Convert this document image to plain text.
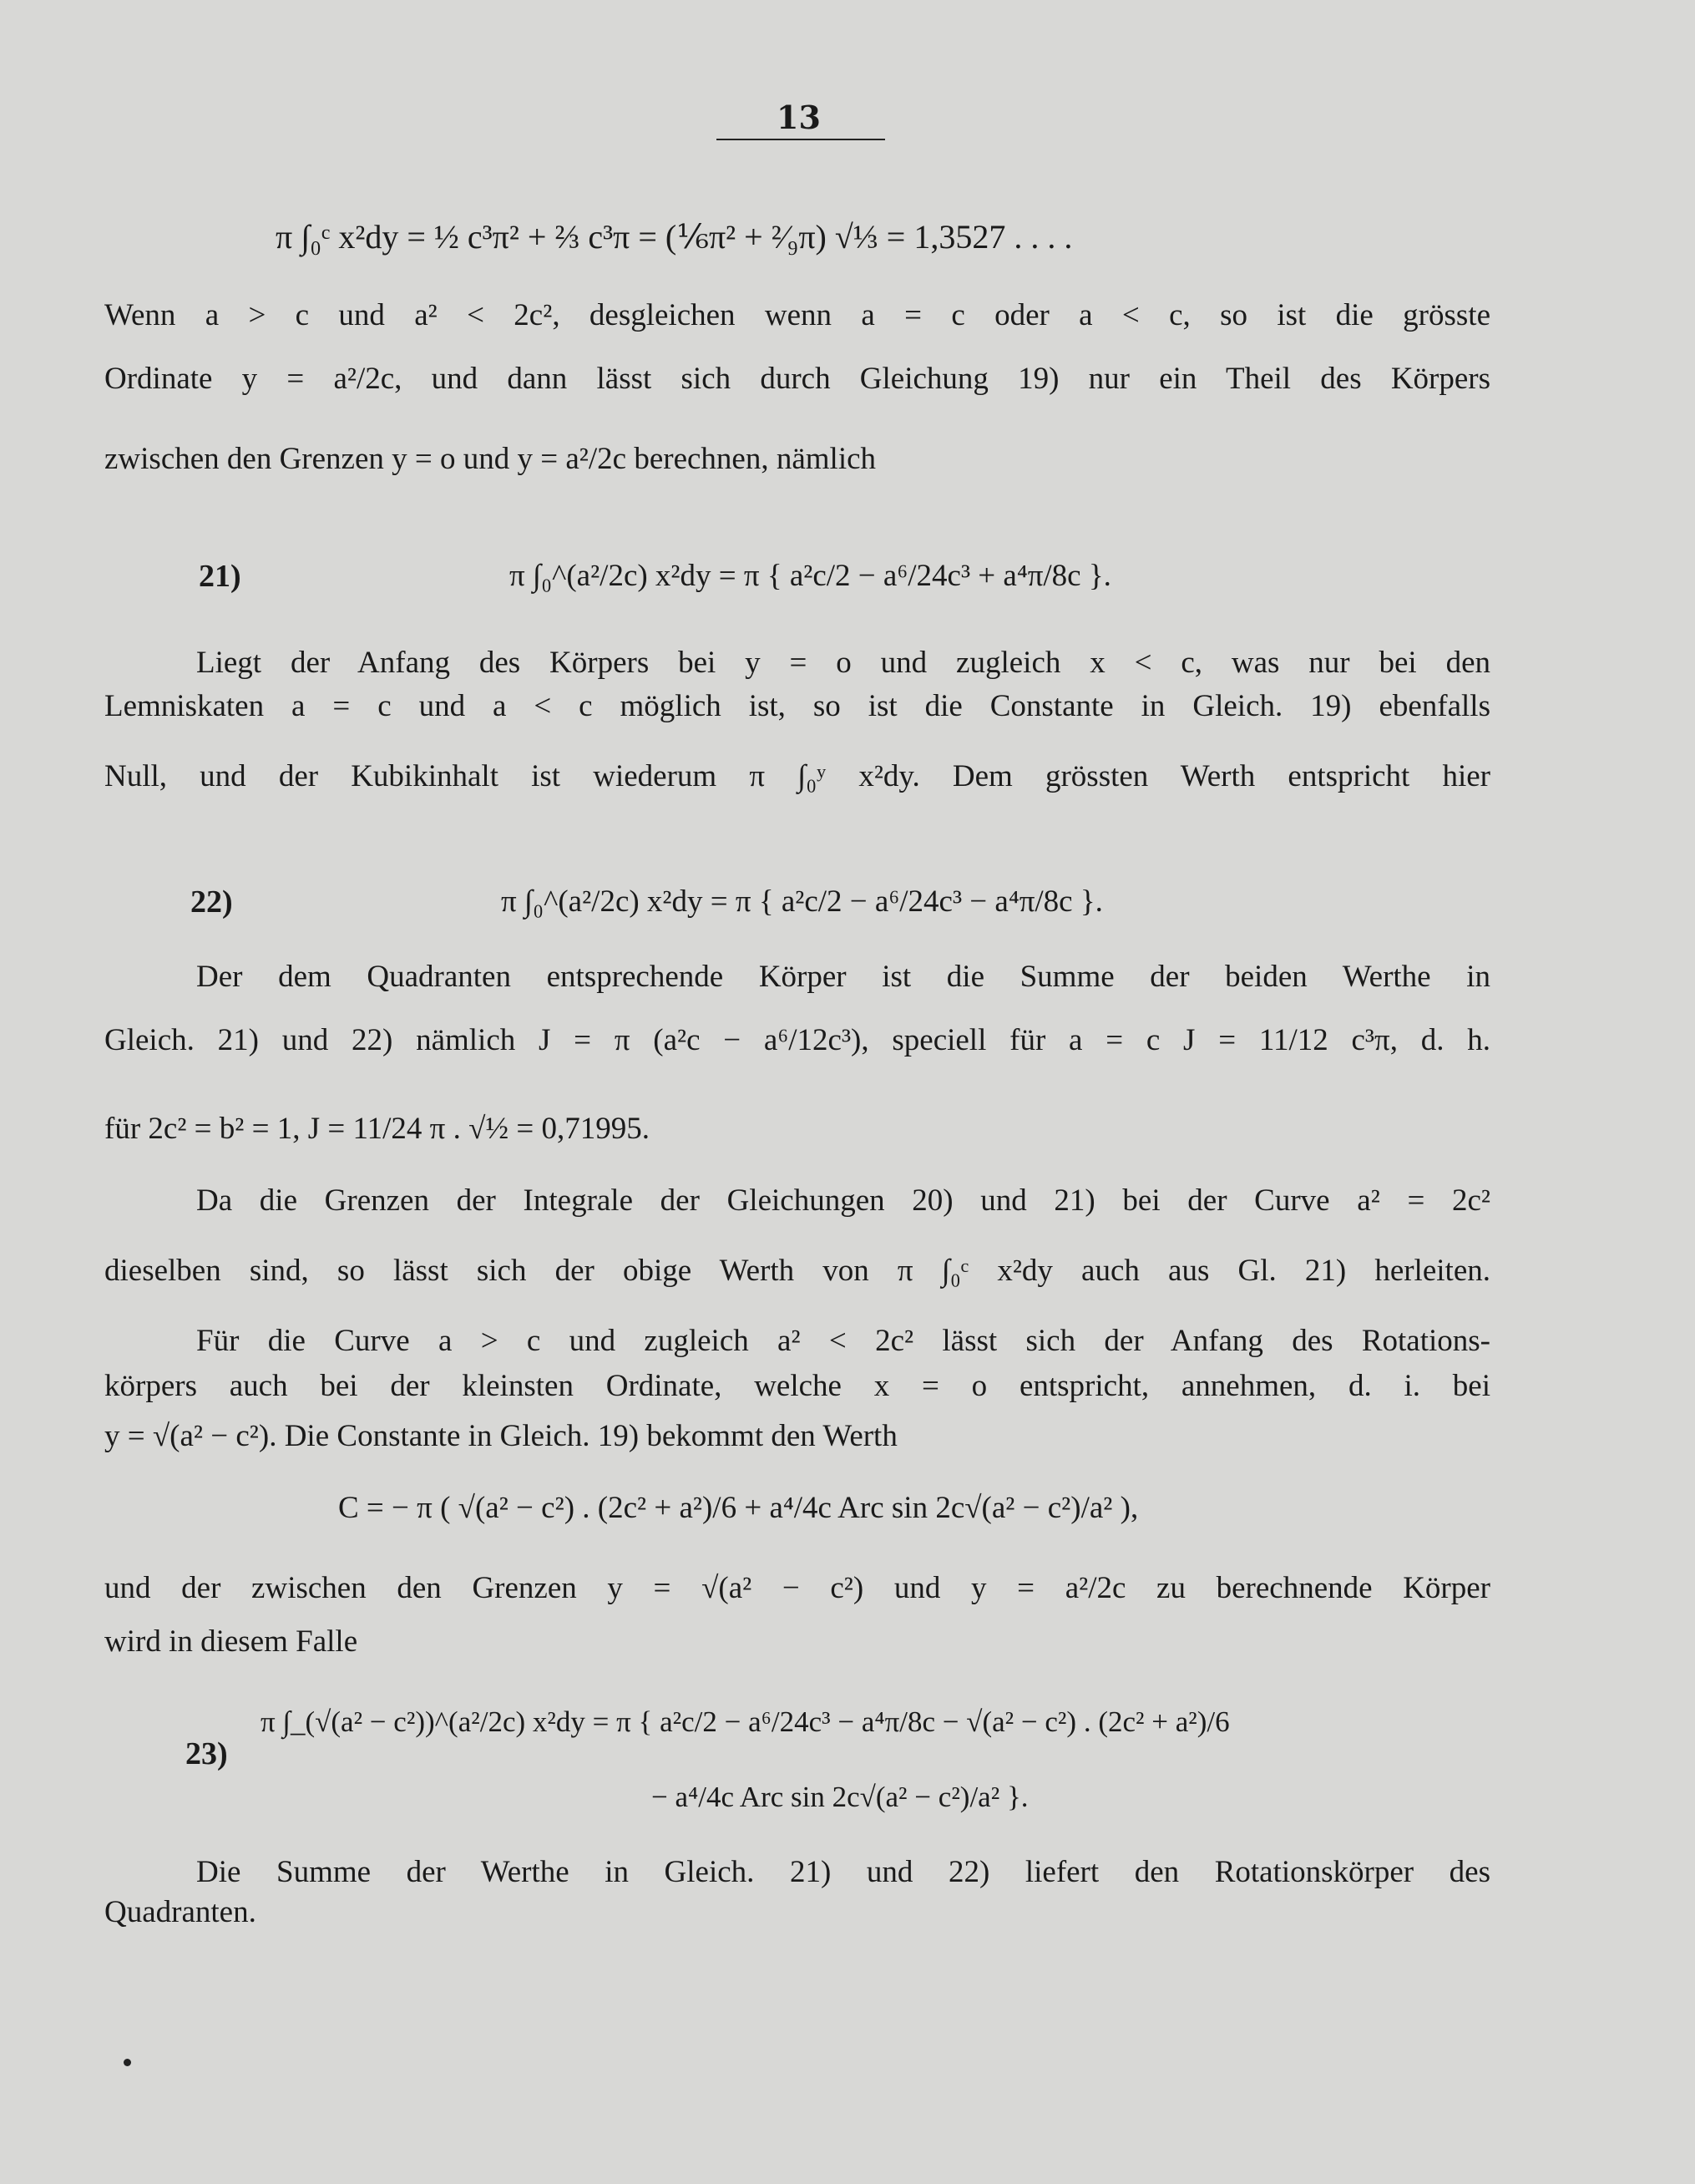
13
π ∫₀ᶜ x²dy = ½ c³π² + ⅔ c³π = (⅙π² + ²⁄₉π) √⅓ = 1,3527 . . . .
Wenn a > c und a² < 2c², desgleichen wenn a = c oder a < c, so ist die grösste
Ordinate y = a²/2c, und dann lässt sich durch Gleichung 19) nur ein Theil des Körpers
zwischen den Grenzen y = o und y = a²/2c berechnen, nämlich
21)	π ∫₀^(a²/2c) x²dy = π { a²c/2 − a⁶/24c³ + a⁴π/8c }.
Liegt der Anfang des Körpers bei y = o und zugleich x < c, was nur bei den
Lemniskaten a = c und a < c möglich ist, so ist die Constante in Gleich. 19) ebenfalls
Null, und der Kubikinhalt ist wiederum π ∫₀ʸ x²dy. Dem grössten Werth entspricht hier
22)	π ∫₀^(a²/2c) x²dy = π { a²c/2 − a⁶/24c³ − a⁴π/8c }.
Der dem Quadranten entsprechende Körper ist die Summe der beiden Werthe in
Gleich. 21) und 22) nämlich J = π (a²c − a⁶/12c³), speciell für a = c J = 11/12 c³π, d. h.
für 2c² = b² = 1, J = 11/24 π . √½ = 0,71995.
Da die Grenzen der Integrale der Gleichungen 20) und 21) bei der Curve a² = 2c²
dieselben sind, so lässt sich der obige Werth von π ∫₀ᶜ x²dy auch aus Gl. 21) herleiten.
Für die Curve a > c und zugleich a² < 2c² lässt sich der Anfang des Rotations-
körpers auch bei der kleinsten Ordinate, welche x = o entspricht, annehmen, d. i. bei
y = √(a² − c²). Die Constante in Gleich. 19) bekommt den Werth
C = − π ( √(a² − c²) . (2c² + a²)/6 + a⁴/4c Arc sin 2c√(a² − c²)/a² ),
und der zwischen den Grenzen y = √(a² − c²) und y = a²/2c zu berechnende Körper
wird in diesem Falle
23)
π ∫_(√(a² − c²))^(a²/2c) x²dy = π { a²c/2 − a⁶/24c³ − a⁴π/8c − √(a² − c²) . (2c² + a²)/6
− a⁴/4c Arc sin 2c√(a² − c²)/a² }.
Die Summe der Werthe in Gleich. 21) und 22) liefert den Rotationskörper des
Quadranten.
